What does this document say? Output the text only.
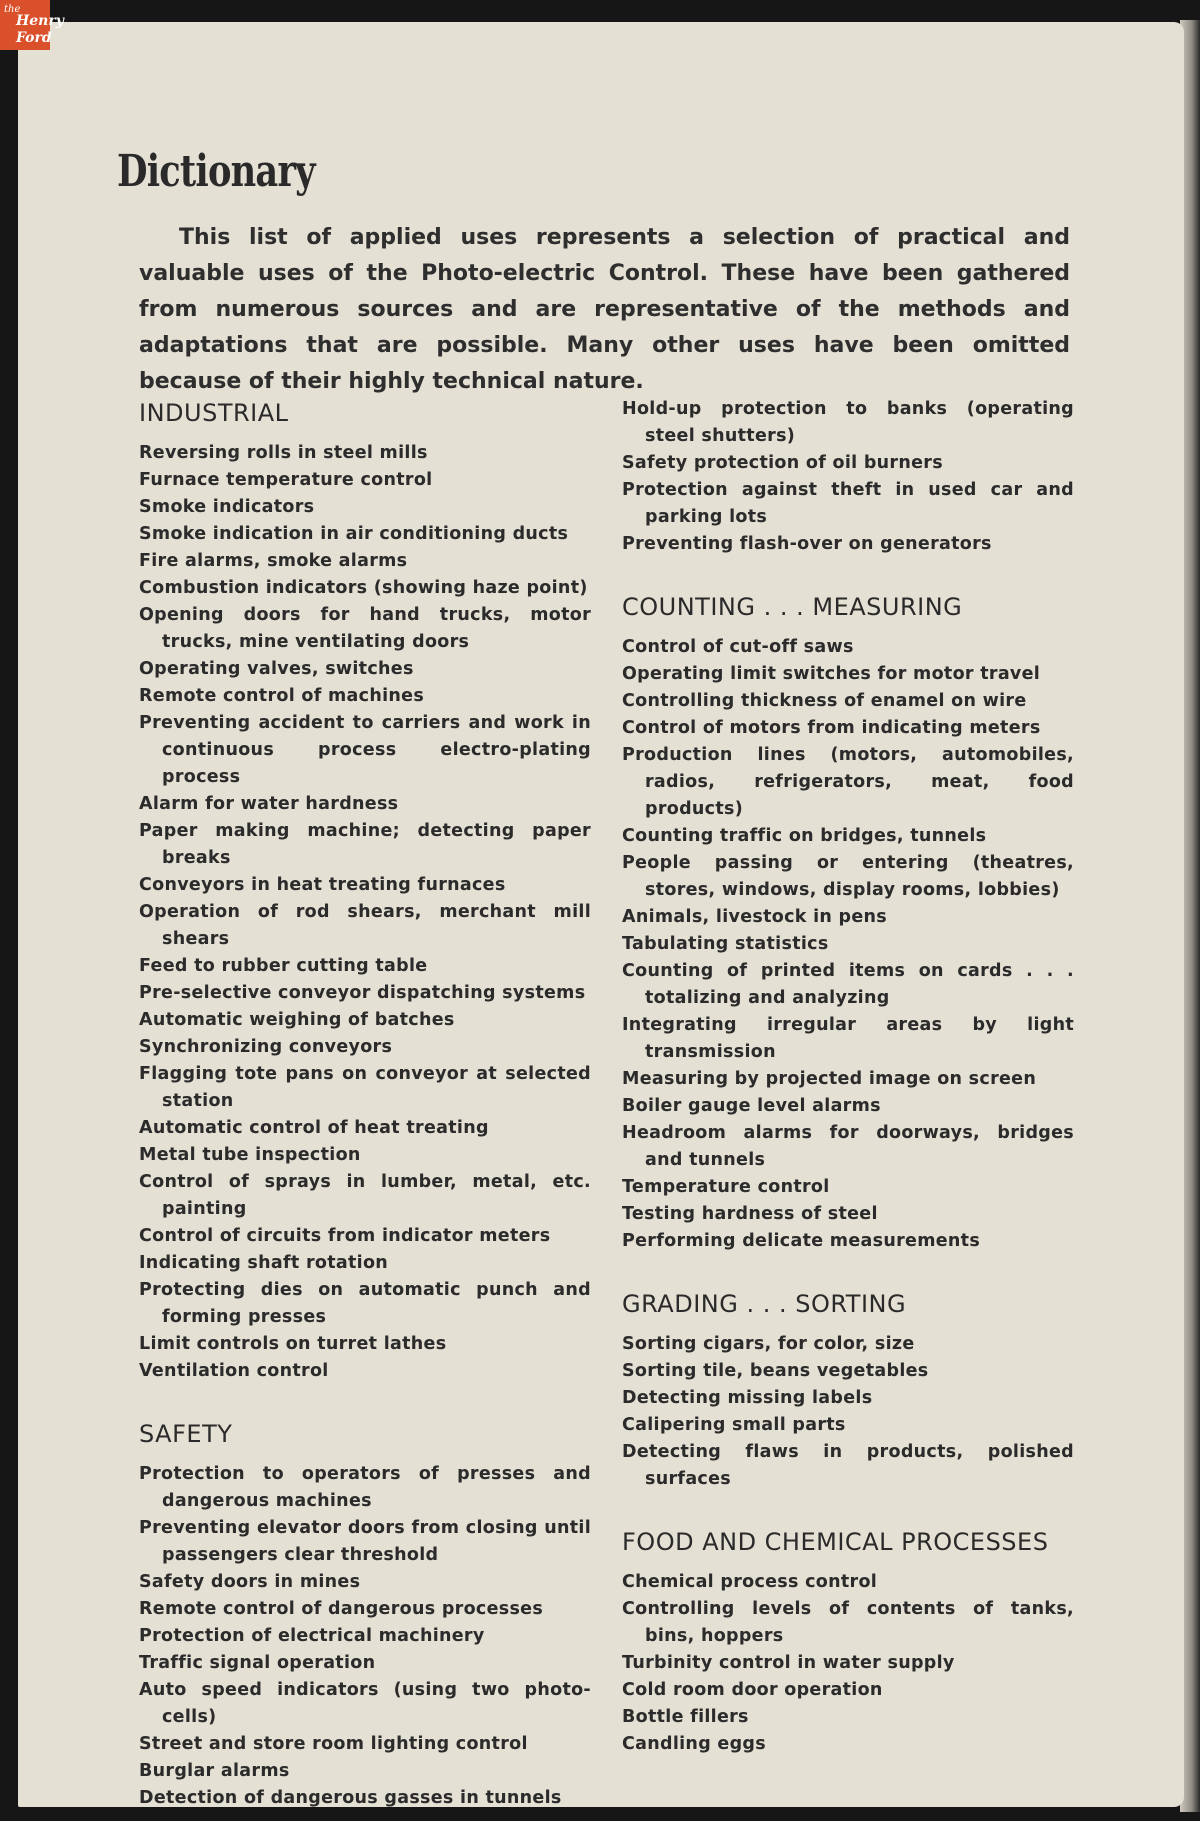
the
Henry
Ford
Dictionary

This list of applied uses represents a selection of practical and valuable uses of the Photo-electric Control. These have been gathered from numerous sources and are representative of the methods and adaptations that are possible. Many other uses have been omitted because of their highly technical nature.

INDUSTRIAL
Reversing rolls in steel mills
Furnace temperature control
Smoke indicators
Smoke indication in air conditioning ducts
Fire alarms, smoke alarms
Combustion indicators (showing haze point)
Opening doors for hand trucks, motor trucks, mine ventilating doors
Operating valves, switches
Remote control of machines
Preventing accident to carriers and work in continuous process electro-plating process
Alarm for water hardness
Paper making machine; detecting paper breaks
Conveyors in heat treating furnaces
Operation of rod shears, merchant mill shears
Feed to rubber cutting table
Pre-selective conveyor dispatching systems
Automatic weighing of batches
Synchronizing conveyors
Flagging tote pans on conveyor at selected station
Automatic control of heat treating
Metal tube inspection
Control of sprays in lumber, metal, etc. painting
Control of circuits from indicator meters
Indicating shaft rotation
Protecting dies on automatic punch and forming presses
Limit controls on turret lathes
Ventilation control
SAFETY
Protection to operators of presses and dangerous machines
Preventing elevator doors from closing until passengers clear threshold
Safety doors in mines
Remote control of dangerous processes
Protection of electrical machinery
Traffic signal operation
Auto speed indicators (using two photo-cells)
Street and store room lighting control
Burglar alarms
Detection of dangerous gasses in tunnels
Hold-up protection to banks (operating steel shutters)
Safety protection of oil burners
Protection against theft in used car and parking lots
Preventing flash-over on generators
COUNTING . . . MEASURING
Control of cut-off saws
Operating limit switches for motor travel
Controlling thickness of enamel on wire
Control of motors from indicating meters
Production lines (motors, automobiles, radios, refrigerators, meat, food products)
Counting traffic on bridges, tunnels
People passing or entering (theatres, stores, windows, display rooms, lobbies)
Animals, livestock in pens
Tabulating statistics
Counting of printed items on cards . . . totalizing and analyzing
Integrating irregular areas by light transmission
Measuring by projected image on screen
Boiler gauge level alarms
Headroom alarms for doorways, bridges and tunnels
Temperature control
Testing hardness of steel
Performing delicate measurements
GRADING . . . SORTING
Sorting cigars, for color, size
Sorting tile, beans vegetables
Detecting missing labels
Calipering small parts
Detecting flaws in products, polished surfaces
FOOD AND CHEMICAL PROCESSES
Chemical process control
Controlling levels of contents of tanks, bins, hoppers
Turbinity control in water supply
Cold room door operation
Bottle fillers
Candling eggs
